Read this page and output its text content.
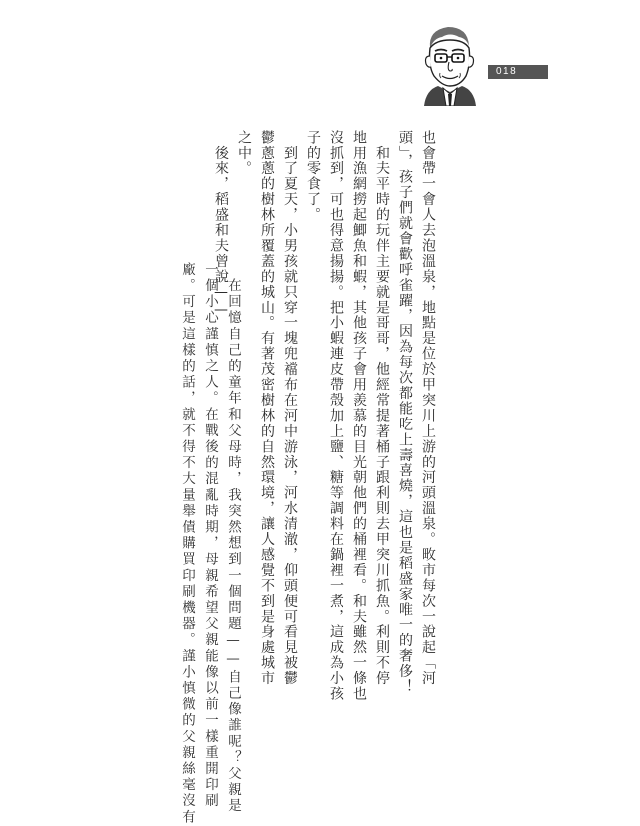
018
也會帶一會人去泡溫泉，地點是位於甲突川上游的河頭溫泉。畋市每次一說起「河
頭」，孩子們就會歡呼雀躍，因為每次都能吃上壽喜燒，這也是稻盛家唯一的奢侈！
　和夫平時的玩伴主要就是哥哥，他經常提著桶子跟利則去甲突川抓魚。利則不停
地用漁網撈起鯽魚和蝦，其他孩子會用羨慕的目光朝他們的桶裡看。和夫雖然一條也
沒抓到，可也得意揚揚。把小蝦連皮帶殼加上鹽、糖等調料在鍋裡一煮，這成為小孩
子的零食了。
　到了夏天，小男孩就只穿一塊兜襠布在河中游泳，河水清澈，仰頭便可看見被鬱
鬱蔥蔥的樹林所覆蓋的城山。有著茂密樹林的自然環境，讓人感覺不到是身處城市
之中。
　後來，稻盛和夫曾說——
　在回憶自己的童年和父母時，我突然想到一個問題——自己像誰呢？父親是
一個小心謹慎之人。在戰後的混亂時期，母親希望父親能像以前一樣重開印刷
廠。可是這樣的話，就不得不大量舉債購買印刷機器。謹小慎微的父親絲毫沒有
